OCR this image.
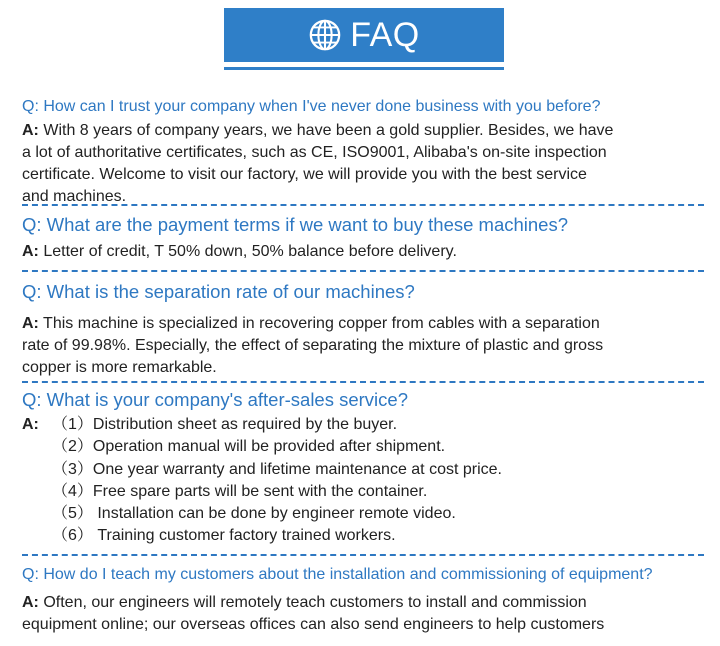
FAQ
Q: How can I trust your company when I've never done business with you before?
A: With 8 years of company years, we have been a gold supplier. Besides, we have
a lot of authoritative certificates, such as CE, ISO9001, Alibaba's on-site inspection
certificate. Welcome to visit our factory, we will provide you with the best service
and machines.
Q: What are the payment terms if we want to buy these machines?
A: Letter of credit, T 50% down, 50% balance before delivery.
Q: What is the separation rate of our machines?
A: This machine is specialized in recovering copper from cables with a separation
rate of 99.98%. Especially, the effect of separating the mixture of plastic and gross
copper is more remarkable.
Q: What is your company's after-sales service?
A: （1）Distribution sheet as required by the buyer.
（2）Operation manual will be provided after shipment.
（3）One year warranty and lifetime maintenance at cost price.
（4）Free spare parts will be sent with the container.
（5） Installation can be done by engineer remote video.
（6） Training customer factory trained workers.
Q: How do I teach my customers about the installation and commissioning of equipment?
A: Often, our engineers will remotely teach customers to install and commission
equipment online; our overseas offices can also send engineers to help customers
